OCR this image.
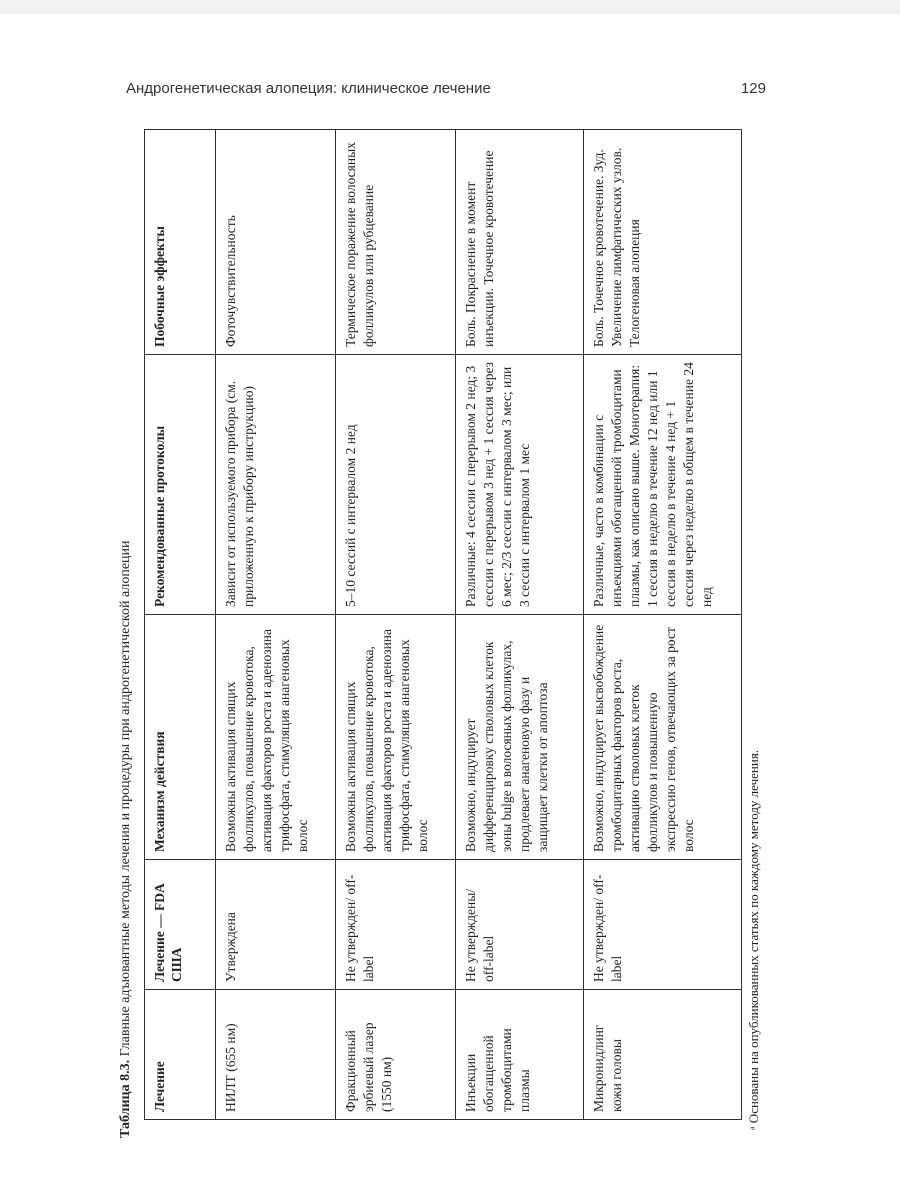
Андрогенетическая алопеция: клиническое лечение	129
Таблица 8.3. Главные адъювантные методы лечения и процедуры при андрогенетической алопеции
Лечение	Лечение — FDA США	Механизм действия	Рекомендованные протоколы	Побочные эффекты
НИЛТ (655 нм)	Утверждена	Возможны активация спящих фолликулов, повышение кровотока, активация факторов роста и аденозина трифосфата, стимуляция анагеновых волос	Зависит от используемого прибора (см. приложенную к прибору инструкцию)	Фоточувствительность
Фракционный эрбиевый лазер (1550 нм)	Не утвержден/ off-label	Возможны активация спящих фолликулов, повышение кровотока, активация факторов роста и аденозина трифосфата, стимуляция анагеновых волос	5–10 сессий с интервалом 2 нед	Термическое поражение волосяных фолликулов или рубцевание
Инъекции обогащенной тромбоцитами плазмы	Не утверждены/ off-label	Возможно, индуцирует дифференцировку стволовых клеток зоны bulge в волосяных фолликулах, продлевает анагеновую фазу и защищает клетки от апоптоза	Различные: 4 сессии с перерывом 2 нед; 3 сессии с перерывом 3 нед + 1 сессия через 6 мес; 2/3 сессии с интервалом 3 мес; или 3 сессии с интервалом 1 мес	Боль. Покраснение в момент инъекции. Точечное кровотечение
Микронидлинг кожи головы	Не утвержден/ off-label	Возможно, индуцирует высвобождение тромбоцитарных факторов роста, активацию стволовых клеток фолликулов и повышенную экспрессию генов, отвечающих за рост волос	Различные, часто в комбинации с инъекциями обогащенной тромбоцитами плазмы, как описано выше. Монотерапия: 1 сессия в неделю в течение 12 нед или 1 сессия в неделю в течение 4 нед + 1 сессия через неделю в общем в течение 24 нед	Боль. Точечное кровотечение. Зуд. Увеличение лимфатических узлов. Телогеновая алопеция
ᵃ Основаны на опубликованных статьях по каждому методу лечения.
